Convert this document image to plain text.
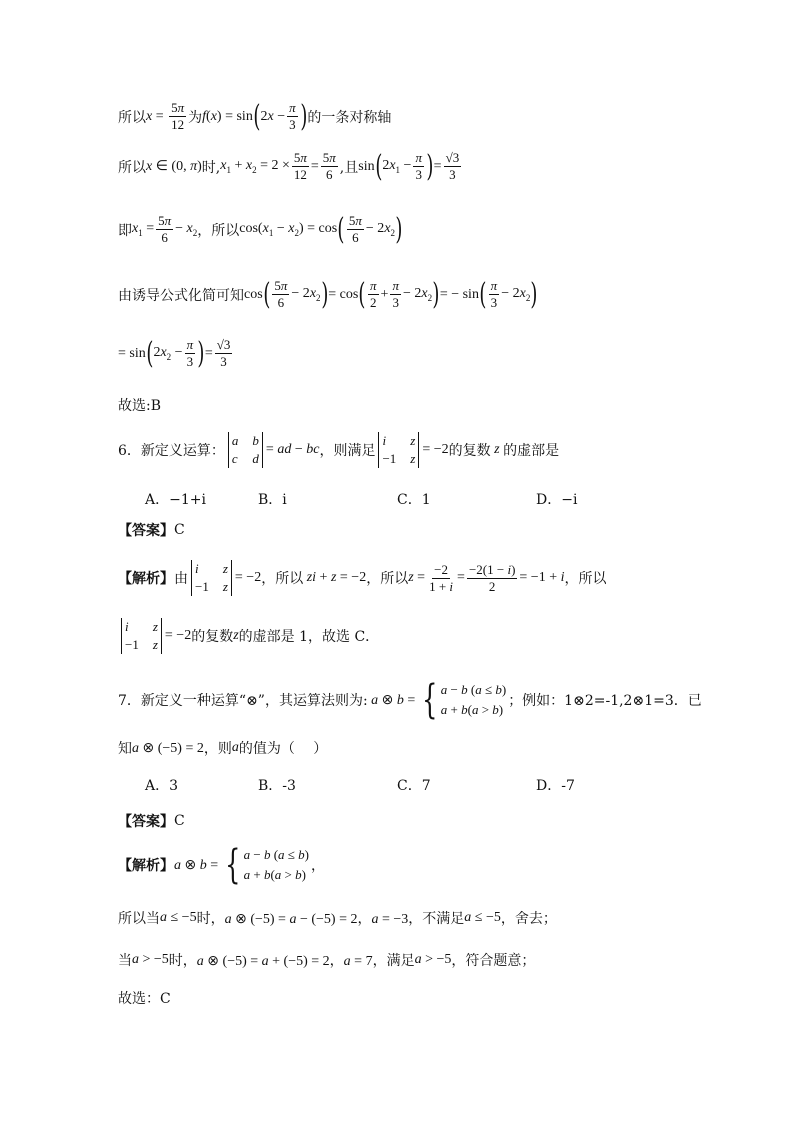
所以 $x = \frac{5\pi}{12}$ 为 f (x) = sin ( $2x - \frac{\pi}{3}$ ) 的一条对称轴
所以 x ∈ (0, π) 时, $x_1 + x_2 = 2 \times \frac{5\pi}{12} = \frac{5\pi}{6}$ ,且 sin ( $2x_1 - \frac{\pi}{3}$ ) = $\frac{√3}{3}$
即 $x_1 = \frac{5\pi}{6} - x_2$ ，所以 $\cos(x_1 - x_2) = \cos$ ( $\frac{5\pi}{6} - 2x_2$ )
由诱导公式化简可知 cos ( $\frac{5\pi}{6} - 2x_2$ ) = cos ( $\frac{\pi}{2} + \frac{\pi}{3} - 2x_2$ ) = − sin ( $\frac{\pi}{3} - 2x_2$ )
= sin ( $2x_2 - \frac{\pi}{3}$ ) = $\frac{√3}{3}$
故选:B
6．新定义运算：
a b
c d
= ad − bc ，则满足
i	z
−1 z
= −2 的复数 z 的虚部是
A．−1+i	B．i	C．1	D．−i
【答案】 C
【解析】 由
i	z
−1 z
= −2 ，所以 zi + z = −2 ，所以 $z = \frac{-2}{1 + i} = \frac{-2(1 - i)}{2} = -1 + i$ ，所以
i	z
−1 z
= −2 的复数 z 的虚部是 1，故选 C．
7．新定义一种运算“⊗”，其运算法则为: a ⊗ b = { a − b (a ≤ b)
a + b(a > b)
；例如：1⊗2=-1,2⊗1=3．已
知 a ⊗ (−5) = 2 ，则 a 的值为（　 ）
A．3	B．-3	C．7	D．-7
【答案】 C
【解析】 a ⊗ b = { a − b (a ≤ b)
a + b(a > b)
，
所以当 a ≤ −5 时， a ⊗ (−5) = a − (−5) = 2，a = −3 ，不满足 a ≤ −5 ，舍去；
当 a > −5 时， a ⊗ (−5) = a + (−5) = 2，a = 7 ，满足 a > −5 ，符合题意；
故选：C
